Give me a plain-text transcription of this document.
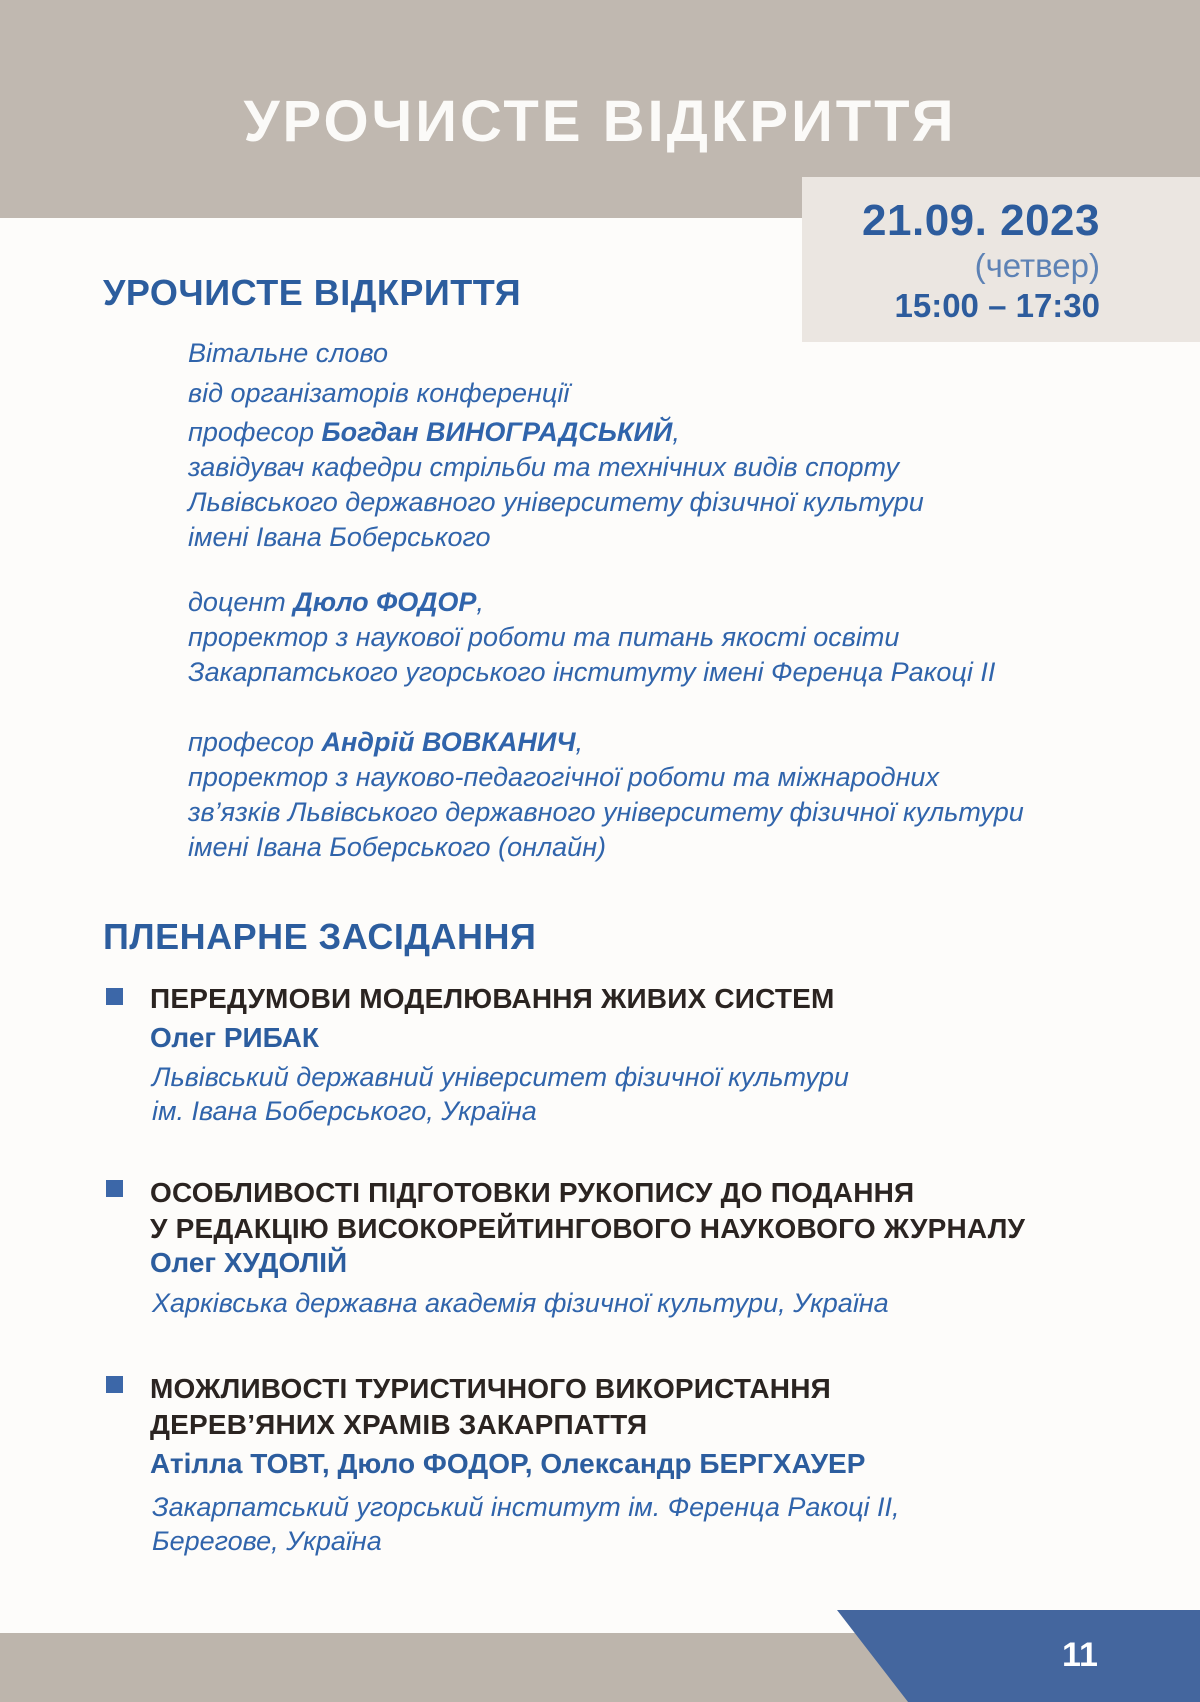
УРОЧИСТЕ ВІДКРИТТЯ
21.09. 2023
(четвер)
15:00 – 17:30
УРОЧИСТЕ ВІДКРИТТЯ
Вітальне слово
від організаторів конференції
професор Богдан ВИНОГРАДСЬКИЙ,
завідувач кафедри стрільби та технічних видів спорту
Львівського державного університету фізичної культури
імені Івана Боберського
доцент Дюло ФОДОР,
проректор з наукової роботи та питань якості освіти
Закарпатського угорського інституту імені Ференца Ракоці II
професор Андрій ВОВКАНИЧ,
проректор з науково-педагогічної роботи та міжнародних
зв’язків Львівського державного університету фізичної культури
імені Івана Боберського (онлайн)
ПЛЕНАРНЕ ЗАСІДАННЯ
ПЕРЕДУМОВИ МОДЕЛЮВАННЯ ЖИВИХ СИСТЕМ
Олег РИБАК
Львівський державний університет фізичної культури
ім. Івана Боберського, Україна
ОСОБЛИВОСТІ ПІДГОТОВКИ РУКОПИСУ ДО ПОДАННЯ
У РЕДАКЦІЮ ВИСОКОРЕЙТИНГОВОГО НАУКОВОГО ЖУРНАЛУ
Олег ХУДОЛІЙ
Харківська державна академія фізичної культури, Україна
МОЖЛИВОСТІ ТУРИСТИЧНОГО ВИКОРИСТАННЯ
ДЕРЕВ’ЯНИХ ХРАМІВ ЗАКАРПАТТЯ
Атілла ТОВТ, Дюло ФОДОР, Олександр БЕРГХАУЕР
Закарпатський угорський інститут ім. Ференца Ракоці II,
Берегове, Україна
11
